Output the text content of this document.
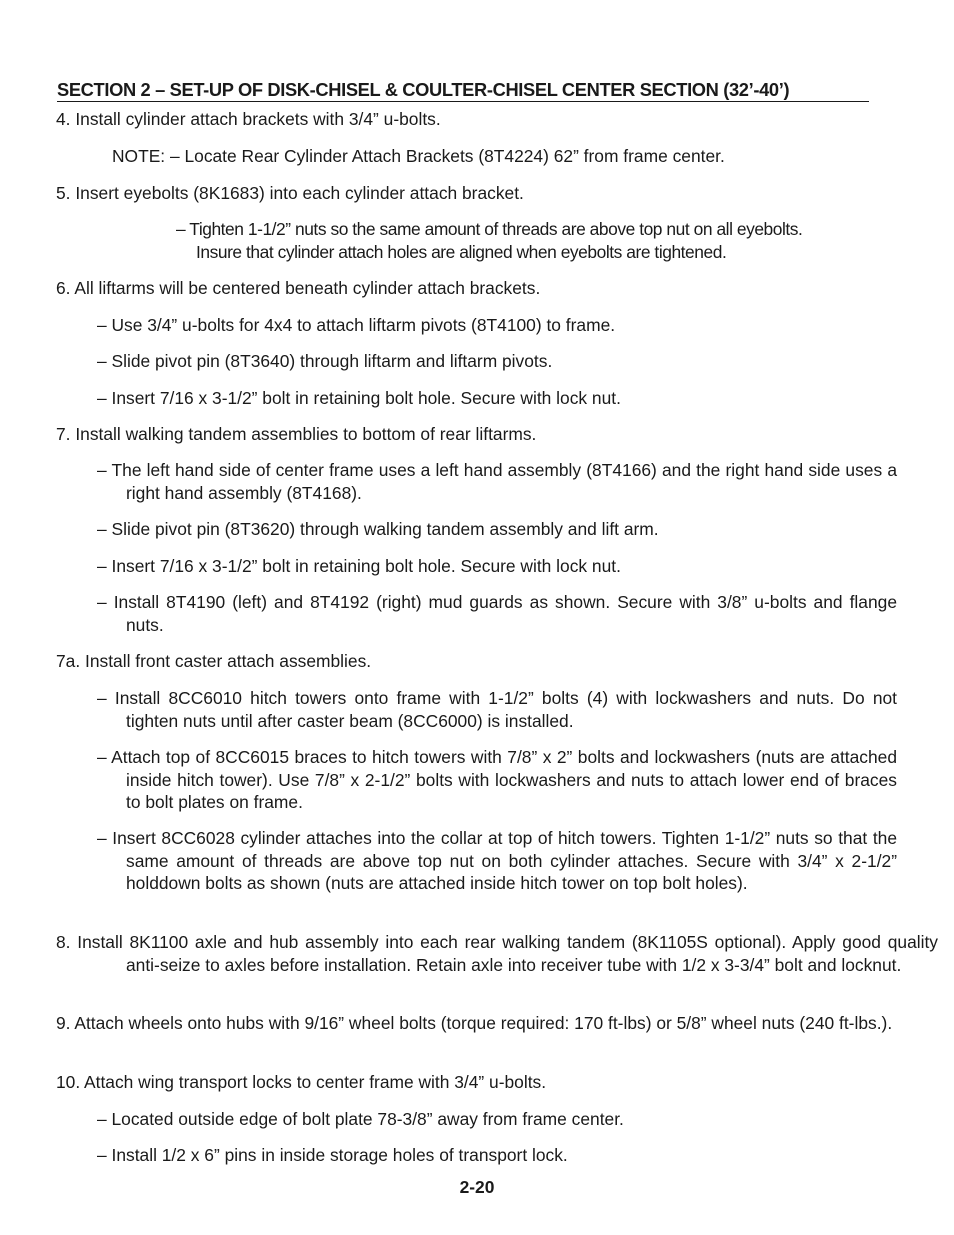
SECTION 2 – SET-UP OF DISK-CHISEL & COULTER-CHISEL CENTER SECTION (32’-40’)

4. Install cylinder attach brackets with 3/4” u-bolts.

NOTE: – Locate Rear Cylinder Attach Brackets (8T4224) 62” from frame center.

5. Insert eyebolts (8K1683) into each cylinder attach bracket.

– Tighten 1-1/2” nuts so the same amount of threads are above top nut on all eyebolts.
Insure that cylinder attach holes are aligned when eyebolts are tightened.

6. All liftarms will be centered beneath cylinder attach brackets.

– Use 3/4” u-bolts for 4x4 to attach liftarm pivots (8T4100) to frame.

– Slide pivot pin (8T3640) through liftarm and liftarm pivots.

– Insert 7/16 x 3-1/2” bolt in retaining bolt hole. Secure with lock nut.

7. Install walking tandem assemblies to bottom of rear liftarms.

– The left hand side of center frame uses a left hand assembly (8T4166) and the right hand side uses a right hand assembly (8T4168).

– Slide pivot pin (8T3620) through walking tandem assembly and lift arm.

– Insert 7/16 x 3-1/2” bolt in retaining bolt hole. Secure with lock nut.

– Install 8T4190 (left) and 8T4192 (right) mud guards as shown. Secure with 3/8” u-bolts and flange nuts.

7a. Install front caster attach assemblies.

– Install 8CC6010 hitch towers onto frame with 1-1/2” bolts (4) with lockwashers and nuts. Do not tighten nuts until after caster beam (8CC6000) is installed.

– Attach top of 8CC6015 braces to hitch towers with 7/8” x 2” bolts and lockwashers (nuts are attached inside hitch tower). Use 7/8” x 2-1/2” bolts with lockwashers and nuts to attach lower end of braces to bolt plates on frame.

– Insert 8CC6028 cylinder attaches into the collar at top of hitch towers. Tighten 1-1/2” nuts so that the same amount of threads are above top nut on both cylinder attaches. Secure with 3/4” x 2-1/2” holddown bolts as shown (nuts are attached inside hitch tower on top bolt holes).

8. Install 8K1100 axle and hub assembly into each rear walking tandem (8K1105S optional). Apply good quality anti-seize to axles before installation. Retain axle into receiver tube with 1/2 x 3-3/4” bolt and locknut.

9. Attach wheels onto hubs with 9/16” wheel bolts (torque required: 170 ft-lbs) or 5/8” wheel nuts (240 ft-lbs.).

10. Attach wing transport locks to center frame with 3/4” u-bolts.

– Located outside edge of bolt plate 78-3/8” away from frame center.

– Install 1/2 x 6” pins in inside storage holes of transport lock.

2-20
